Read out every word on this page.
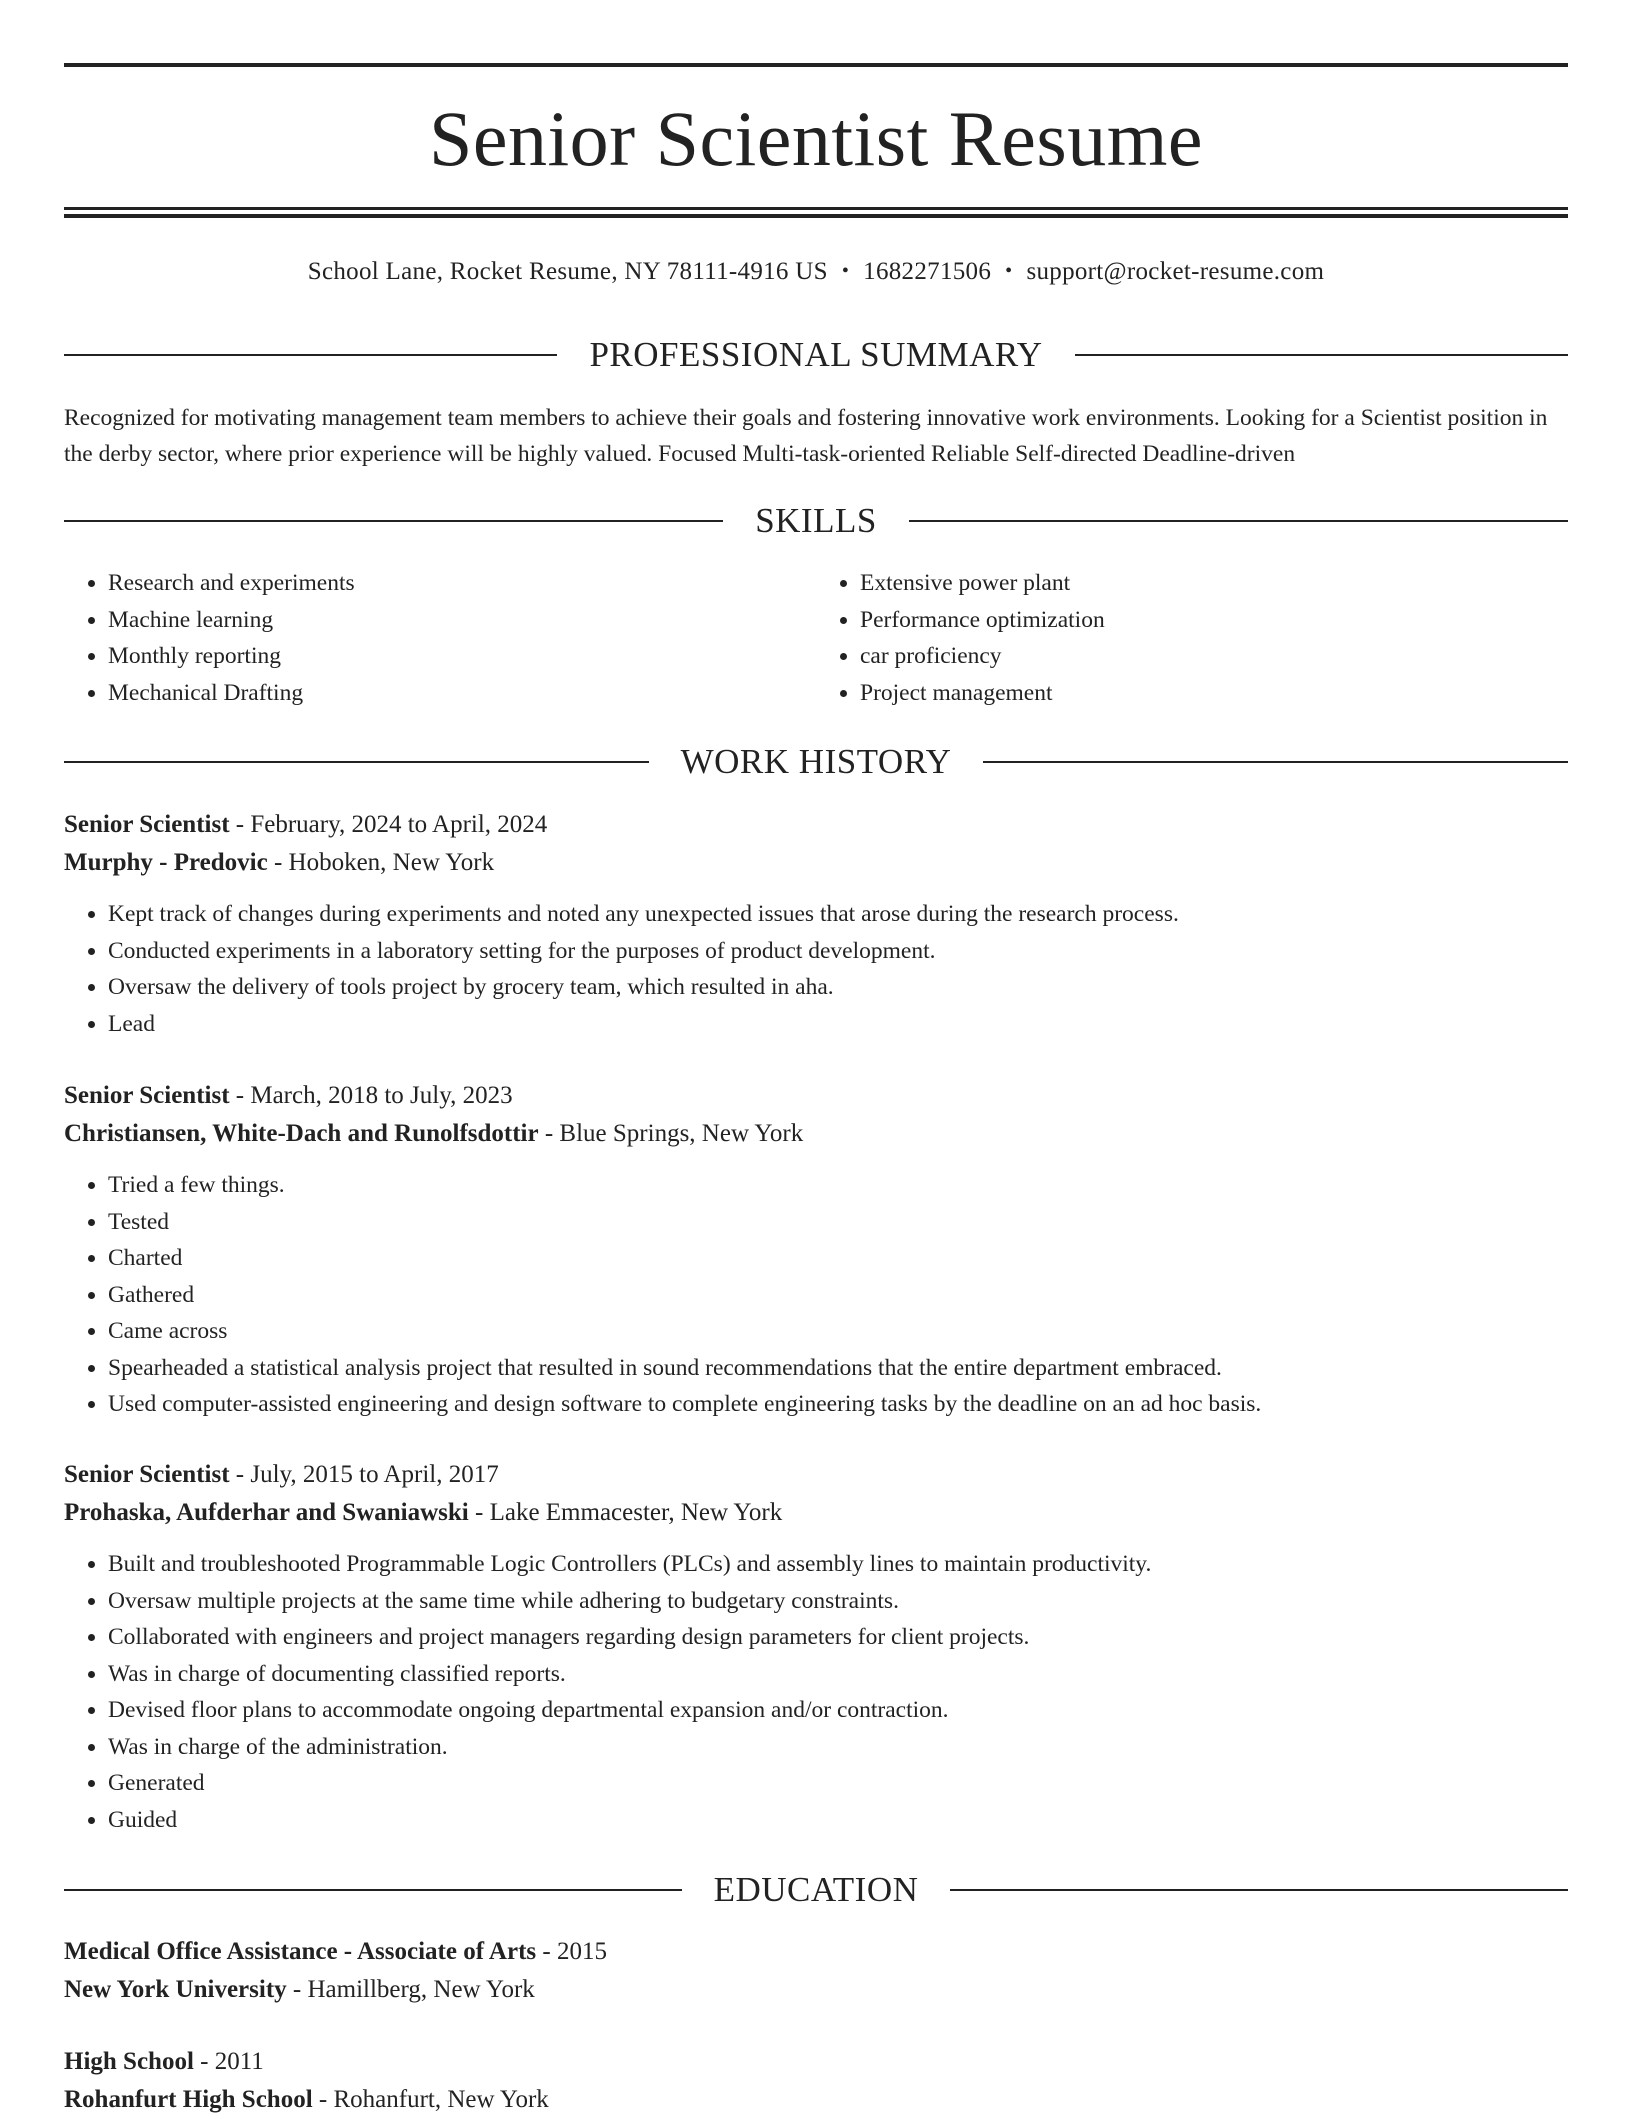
Senior Scientist Resume
School Lane, Rocket Resume, NY 78111-4916 US • 1682271506 • support@rocket-resume.com
PROFESSIONAL SUMMARY
Recognized for motivating management team members to achieve their goals and fostering innovative work environments. Looking for a Scientist position in the derby sector, where prior experience will be highly valued. Focused Multi-task-oriented Reliable Self-directed Deadline-driven
SKILLS
• Research and experiments
• Machine learning
• Monthly reporting
• Mechanical Drafting
• Extensive power plant
• Performance optimization
• car proficiency
• Project management
WORK HISTORY
Senior Scientist - February, 2024 to April, 2024
Murphy - Predovic - Hoboken, New York
• Kept track of changes during experiments and noted any unexpected issues that arose during the research process.
• Conducted experiments in a laboratory setting for the purposes of product development.
• Oversaw the delivery of tools project by grocery team, which resulted in aha.
• Lead
Senior Scientist - March, 2018 to July, 2023
Christiansen, White-Dach and Runolfsdottir - Blue Springs, New York
• Tried a few things.
• Tested
• Charted
• Gathered
• Came across
• Spearheaded a statistical analysis project that resulted in sound recommendations that the entire department embraced.
• Used computer-assisted engineering and design software to complete engineering tasks by the deadline on an ad hoc basis.
Senior Scientist - July, 2015 to April, 2017
Prohaska, Aufderhar and Swaniawski - Lake Emmacester, New York
• Built and troubleshooted Programmable Logic Controllers (PLCs) and assembly lines to maintain productivity.
• Oversaw multiple projects at the same time while adhering to budgetary constraints.
• Collaborated with engineers and project managers regarding design parameters for client projects.
• Was in charge of documenting classified reports.
• Devised floor plans to accommodate ongoing departmental expansion and/or contraction.
• Was in charge of the administration.
• Generated
• Guided
EDUCATION
Medical Office Assistance - Associate of Arts - 2015
New York University - Hamillberg, New York
High School - 2011
Rohanfurt High School - Rohanfurt, New York
